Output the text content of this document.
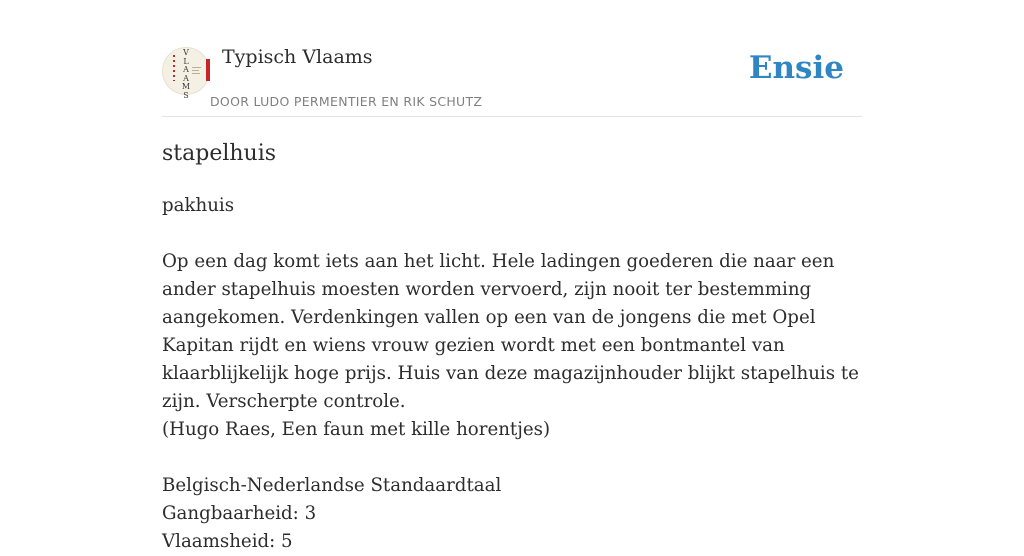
V
L
A
A
M
S
Typisch Vlaams
DOOR LUDO PERMENTIER EN RIK SCHUTZ
Ensie
stapelhuis

pakhuis

Op een dag komt iets aan het licht. Hele ladingen goederen die naar een ander stapelhuis moesten worden vervoerd, zijn nooit ter bestemming aangekomen. Verdenkingen vallen op een van de jongens die met Opel Kapitan rijdt en wiens vrouw gezien wordt met een bontmantel van klaarblijkelijk hoge prijs. Huis van deze magazijnhouder blijkt stapelhuis te zijn. Verscherpte controle.

(Hugo Raes, Een faun met kille horentjes)

Belgisch-Nederlandse Standaardtaal

Gangbaarheid: 3

Vlaamsheid: 5
